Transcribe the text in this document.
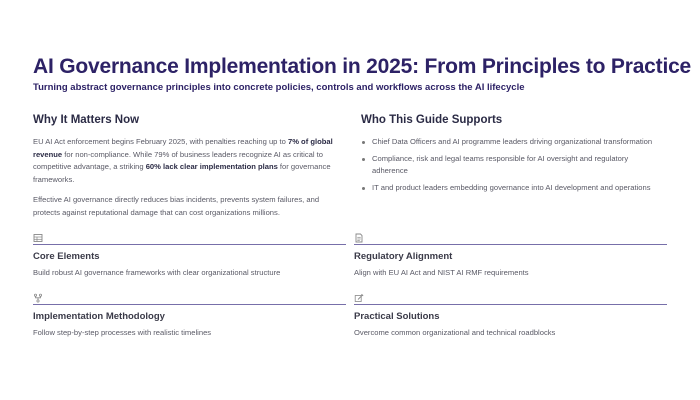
AI Governance Implementation in 2025: From Principles to Practice
Turning abstract governance principles into concrete policies, controls and workflows across the AI lifecycle
Why It Matters Now

EU AI Act enforcement begins February 2025, with penalties reaching up to 7% of global revenue for non-compliance. While 79% of business leaders recognize AI as critical to competitive advantage, a striking 60% lack clear implementation plans for governance frameworks.

Effective AI governance directly reduces bias incidents, prevents system failures, and protects against reputational damage that can cost organizations millions.

Who This Guide Supports
Chief Data Officers and AI programme leaders driving organizational transformation
Compliance, risk and legal teams responsible for AI oversight and regulatory adherence
IT and product leaders embedding governance into AI development and operations
Core Elements
Build robust AI governance frameworks with clear organizational structure
Regulatory Alignment
Align with EU AI Act and NIST AI RMF requirements
Implementation Methodology
Follow step-by-step processes with realistic timelines
Practical Solutions
Overcome common organizational and technical roadblocks
